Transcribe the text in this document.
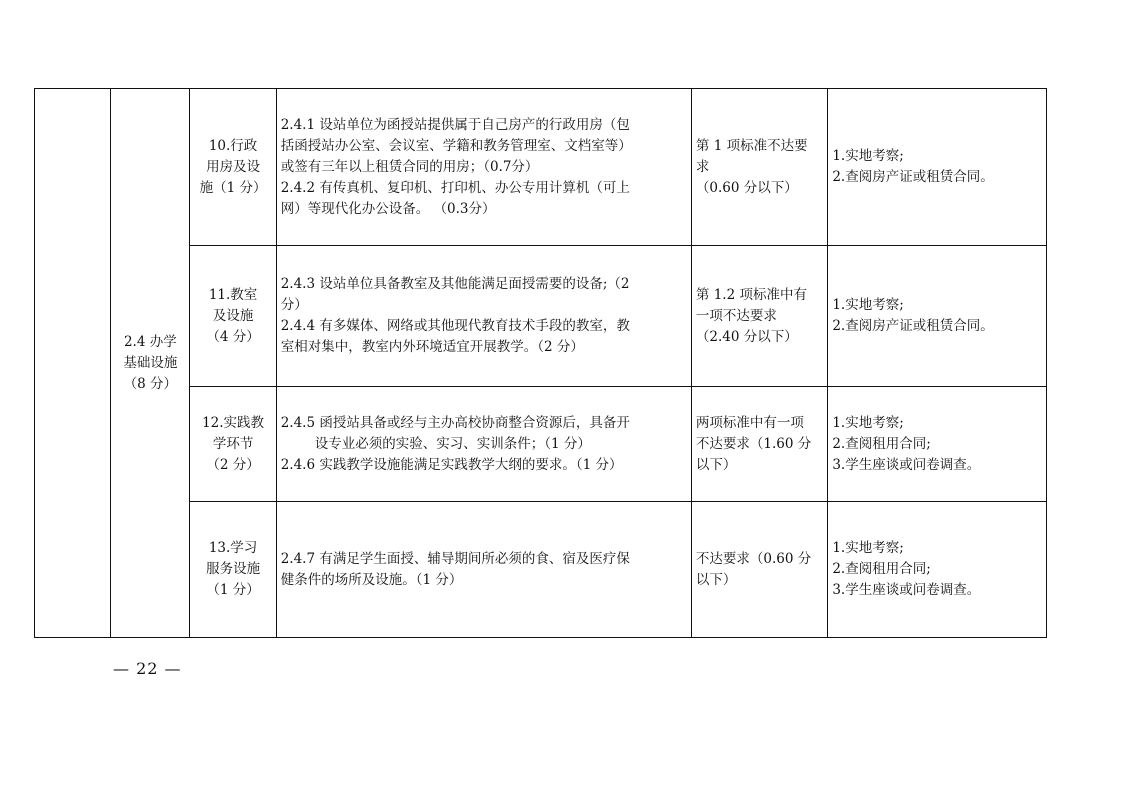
	2.4 办学
基础设施
（8 分）	10.行政
用房及设
施（1 分）	2.4.1 设站单位为函授站提供属于自己房产的行政用房（包
括函授站办公室、会议室、学籍和教务管理室、文档室等）
或签有三年以上租赁合同的用房；（0.7分）
2.4.2 有传真机、复印机、打印机、办公专用计算机（可上
网）等现代化办公设备。 （0.3分）	第 1 项标准不达要
求
（0.60 分以下）	1.实地考察;
2.查阅房产证或租赁合同。

		11.教室
及设施
（4 分）	2.4.3 设站单位具备教室及其他能满足面授需要的设备;（2
分）
2.4.4 有多媒体、网络或其他现代教育技术手段的教室，教
室相对集中，教室内外环境适宜开展教学。（2 分）	第 1.2 项标准中有
一项不达要求
（2.40 分以下）	1.实地考察;
2.查阅房产证或租赁合同。

		12.实践教
学环节
（2 分）	2.4.5 函授站具备或经与主办高校协商整合资源后，具备开
设专业必须的实验、实习、实训条件；（1 分）
2.4.6 实践教学设施能满足实践教学大纲的要求。（1 分）	两项标准中有一项
不达要求（1.60 分
以下）	1.实地考察;
2.查阅租用合同;
3.学生座谈或问卷调查。

		13.学习
服务设施
（1 分）	2.4.7 有满足学生面授、辅导期间所必须的食、宿及医疗保
健条件的场所及设施。（1 分）	不达要求（0.60 分
以下）	1.实地考察;
2.查阅租用合同;
3.学生座谈或问卷调查。
— 22 —
